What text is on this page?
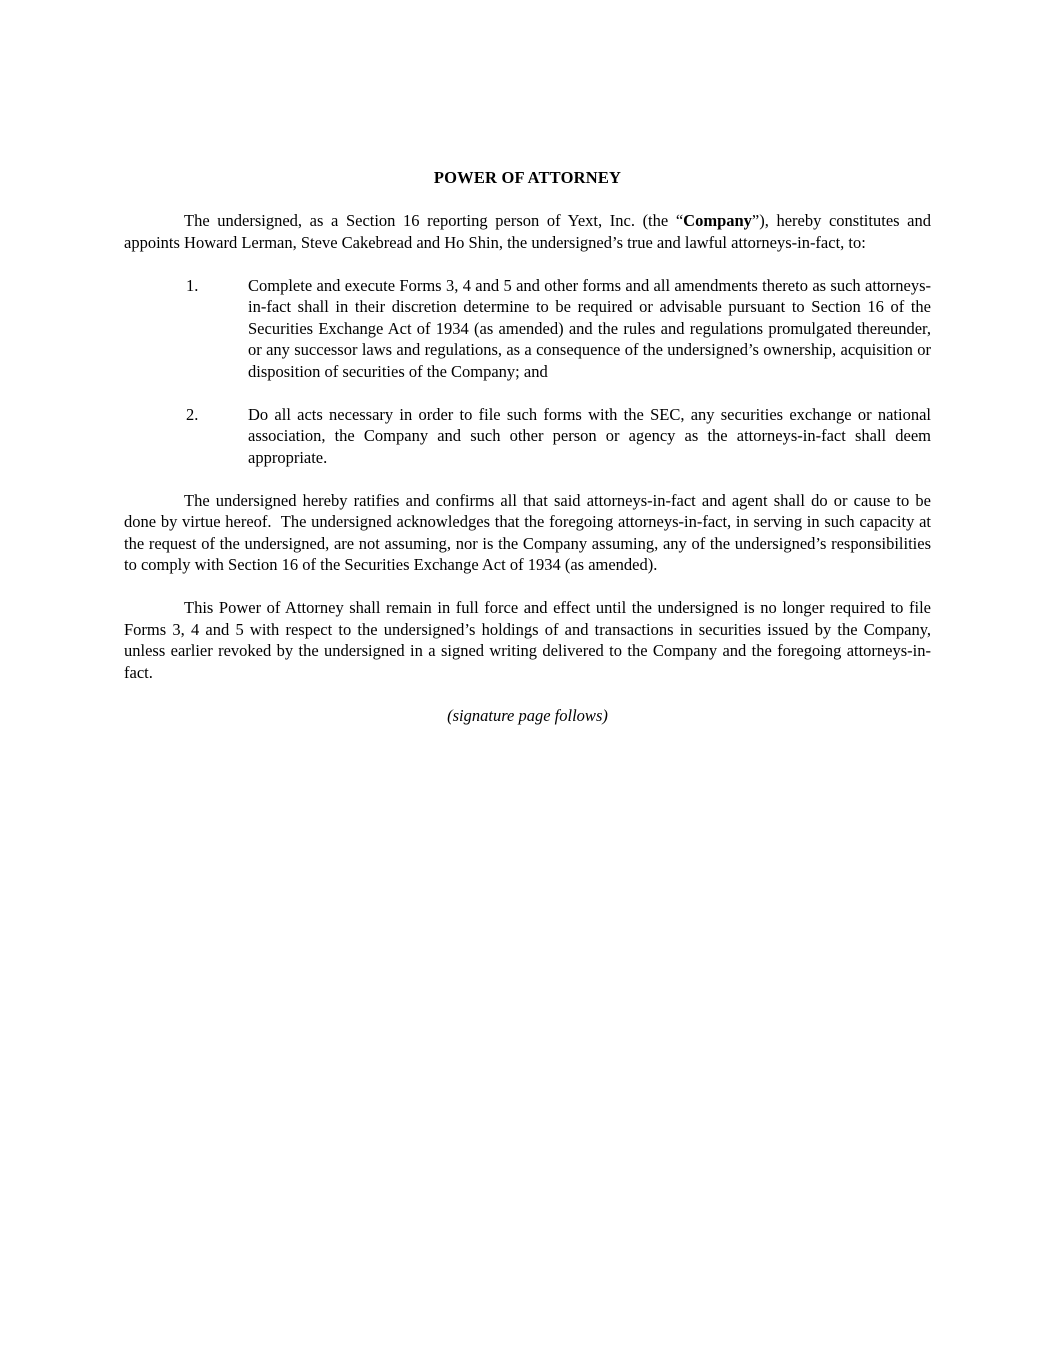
POWER OF ATTORNEY

The undersigned, as a Section 16 reporting person of Yext, Inc. (the “Company”), hereby constitutes and appoints Howard Lerman, Steve Cakebread and Ho Shin, the undersigned’s true and lawful attorneys-in-fact, to:

1.	Complete and execute Forms 3, 4 and 5 and other forms and all amendments thereto as such attorneys-in-fact shall in their discretion determine to be required or advisable pursuant to Section 16 of the Securities Exchange Act of 1934 (as amended) and the rules and regulations promulgated thereunder, or any successor laws and regulations, as a consequence of the undersigned’s ownership, acquisition or disposition of securities of the Company; and
2.	Do all acts necessary in order to file such forms with the SEC, any securities exchange or national association, the Company and such other person or agency as the attorneys-in-fact shall deem appropriate.

The undersigned hereby ratifies and confirms all that said attorneys-in-fact and agent shall do or cause to be done by virtue hereof.  The undersigned acknowledges that the foregoing attorneys-in-fact, in serving in such capacity at the request of the undersigned, are not assuming, nor is the Company assuming, any of the undersigned’s responsibilities to comply with Section 16 of the Securities Exchange Act of 1934 (as amended).

This Power of Attorney shall remain in full force and effect until the undersigned is no longer required to file Forms 3, 4 and 5 with respect to the undersigned’s holdings of and transactions in securities issued by the Company, unless earlier revoked by the undersigned in a signed writing delivered to the Company and the foregoing attorneys-in-fact.

(signature page follows)
